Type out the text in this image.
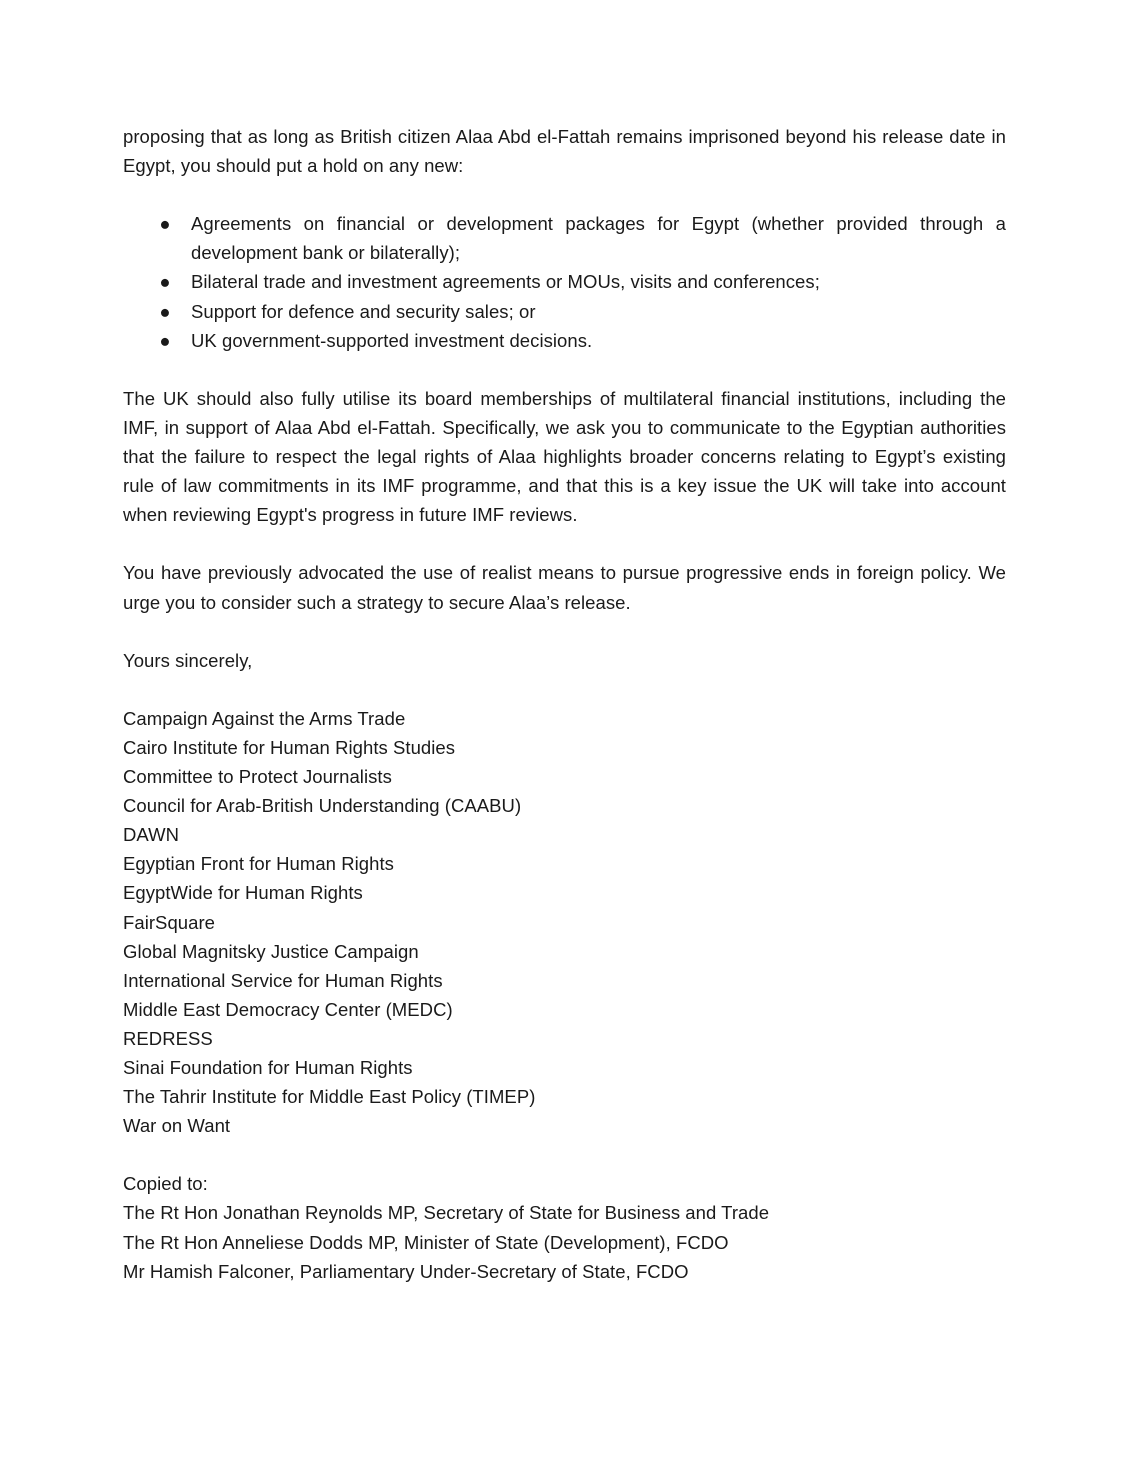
proposing that as long as British citizen Alaa Abd el-Fattah remains imprisoned beyond his release date in Egypt, you should put a hold on any new:

● Agreements on financial or development packages for Egypt (whether provided through a development bank or bilaterally);
● Bilateral trade and investment agreements or MOUs, visits and conferences;
● Support for defence and security sales; or
● UK government-supported investment decisions.

The UK should also fully utilise its board memberships of multilateral financial institutions, including the IMF, in support of Alaa Abd el-Fattah. Specifically, we ask you to communicate to the Egyptian authorities that the failure to respect the legal rights of Alaa highlights broader concerns relating to Egypt’s existing rule of law commitments in its IMF programme, and that this is a key issue the UK will take into account when reviewing Egypt's progress in future IMF reviews.

You have previously advocated the use of realist means to pursue progressive ends in foreign policy. We urge you to consider such a strategy to secure Alaa’s release.

Yours sincerely,
Campaign Against the Arms Trade
Cairo Institute for Human Rights Studies
Committee to Protect Journalists
Council for Arab-British Understanding (CAABU)
DAWN
Egyptian Front for Human Rights
EgyptWide for Human Rights
FairSquare
Global Magnitsky Justice Campaign
International Service for Human Rights
Middle East Democracy Center (MEDC)
REDRESS
Sinai Foundation for Human Rights
The Tahrir Institute for Middle East Policy (TIMEP)
War on Want
Copied to:
The Rt Hon Jonathan Reynolds MP, Secretary of State for Business and Trade
The Rt Hon Anneliese Dodds MP, Minister of State (Development), FCDO
Mr Hamish Falconer, Parliamentary Under-Secretary of State, FCDO
